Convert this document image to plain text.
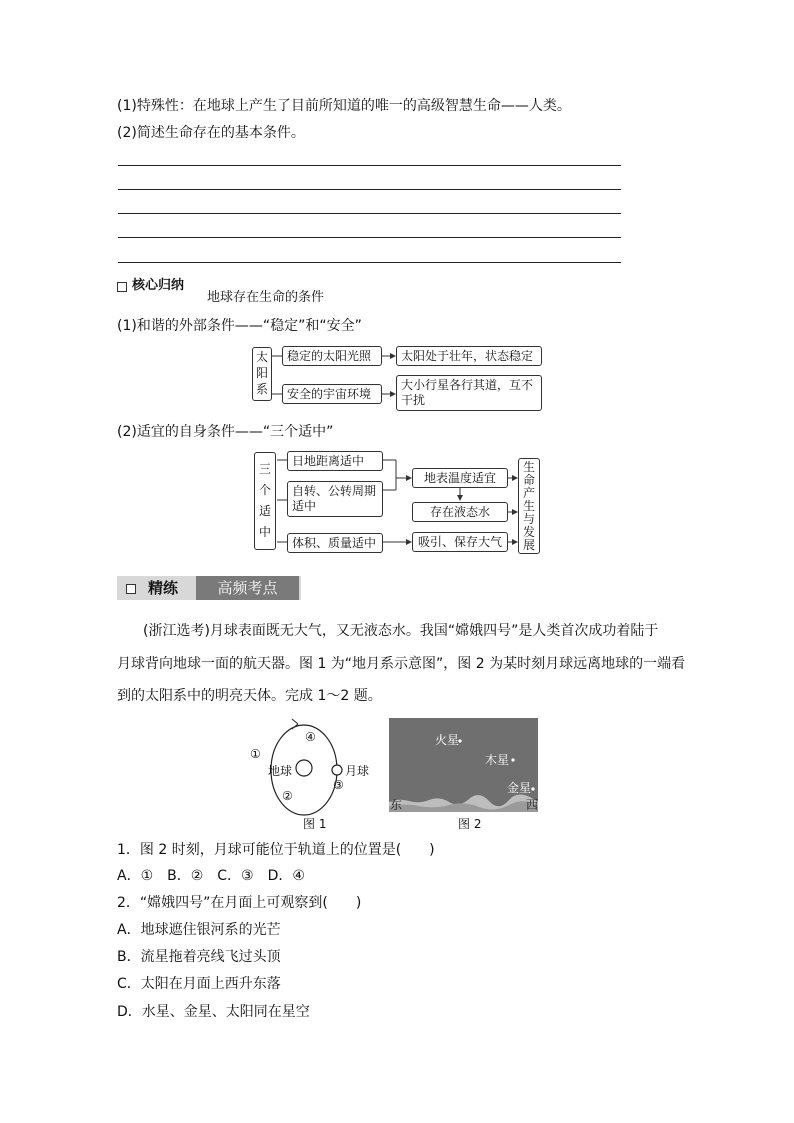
(1)特殊性：在地球上产生了目前所知道的唯一的高级智慧生命——人类。
(2)简述生命存在的基本条件。
核心归纳
地球存在生命的条件
(1)和谐的外部条件——“稳定”和“安全”
太
阳
系
稳定的太阳光照
安全的宇宙环境
太阳处于壮年，状态稳定
大小行星各行其道，互不干扰
(2)适宜的自身条件——“三个适中”
三
个
适
中
日地距离适中
自转、公转周期适中
体积、质量适中
地表温度适宜
存在液态水
吸引、保存大气
生
命
产
生
与
发
展
精练	高频考点
(浙江选考)月球表面既无大气，又无液态水。我国“嫦娥四号”是人类首次成功着陆于
月球背向地球一面的航天器。图 1 为“地月系示意图”，图 2 为某时刻月球远离地球的一端看
到的太阳系中的明亮天体。完成 1～2 题。
①
④
地球	月球
③
②
图 1
火星
木星
金星
东	西
图 2
1．图 2 时刻，月球可能位于轨道上的位置是(　　)
A．①　B．②　C．③　D．④
2．“嫦娥四号”在月面上可观察到(　　)
A．地球遮住银河系的光芒
B．流星拖着亮线飞过头顶
C．太阳在月面上西升东落
D．水星、金星、太阳同在星空
